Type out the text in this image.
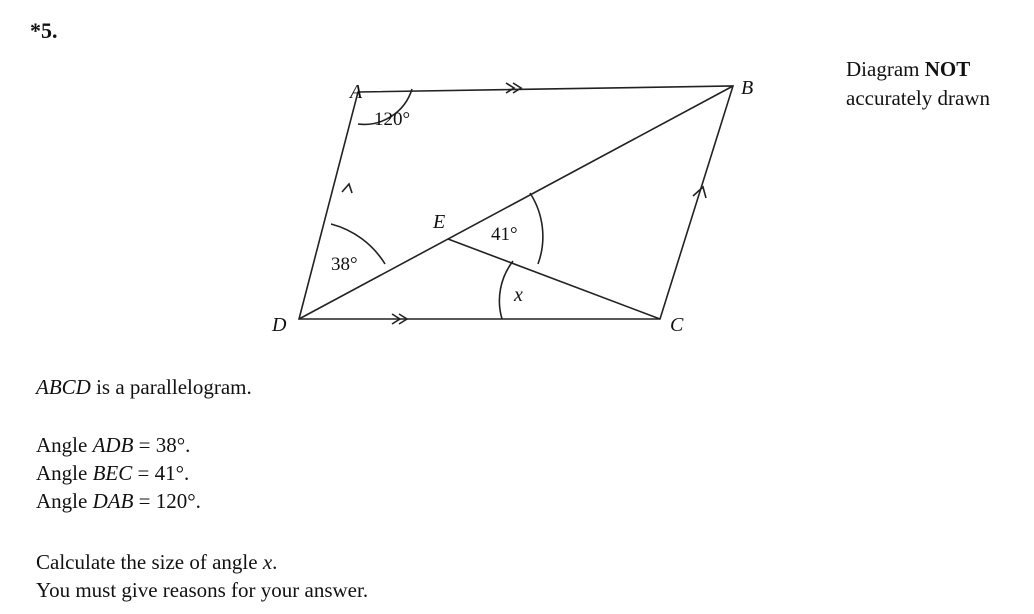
*5.
Diagram NOT
accurately drawn
A	B
C
D
E
120°
38°
41°
x
ABCD is a parallelogram.
Angle ADB = 38°.
Angle BEC = 41°.
Angle DAB = 120°.
Calculate the size of angle x.
You must give reasons for your answer.
